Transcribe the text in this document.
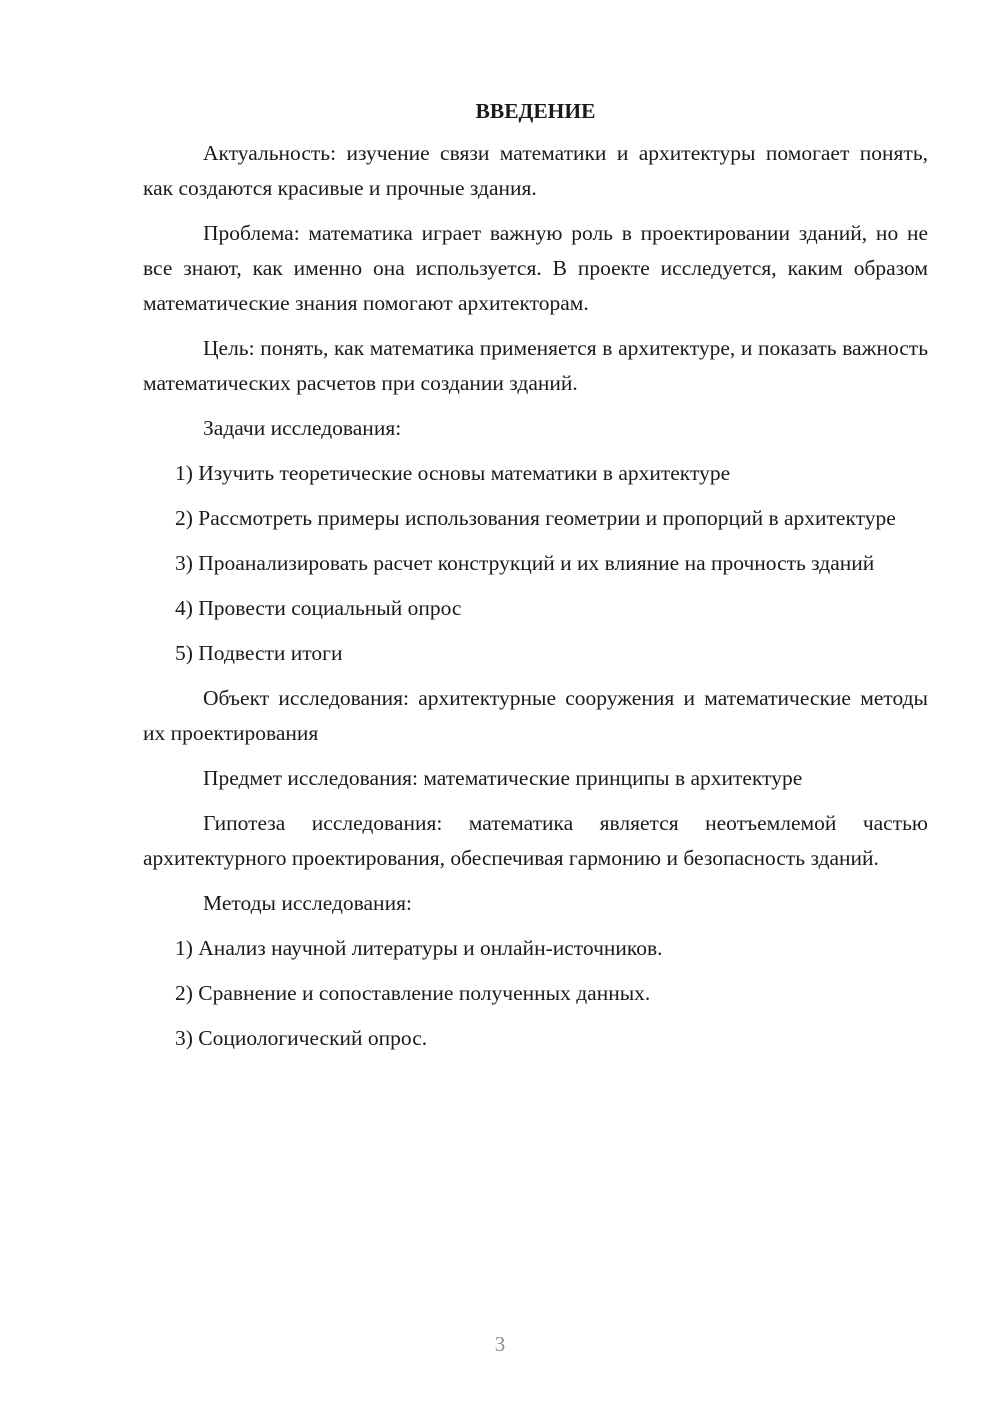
ВВЕДЕНИЕ

Актуальность: изучение связи математики и архитектуры помогает понять, как создаются красивые и прочные здания.

Проблема: математика играет важную роль в проектировании зданий, но не все знают, как именно она используется. В проекте исследуется, каким образом математические знания помогают архитекторам.

Цель: понять, как математика применяется в архитектуре, и показать важность математических расчетов при создании зданий.

Задачи исследования:

1) Изучить теоретические основы математики в архитектуре

2) Рассмотреть примеры использования геометрии и пропорций в архитектуре

3) Проанализировать расчет конструкций и их влияние на прочность зданий

4) Провести социальный опрос

5) Подвести итоги

Объект исследования: архитектурные сооружения и математические методы их проектирования

Предмет исследования: математические принципы в архитектуре

Гипотеза исследования: математика является неотъемлемой частью архитектурного проектирования, обеспечивая гармонию и безопасность зданий.

Методы исследования:

1) Анализ научной литературы и онлайн-источников.

2) Сравнение и сопоставление полученных данных.

3) Социологический опрос.

3
